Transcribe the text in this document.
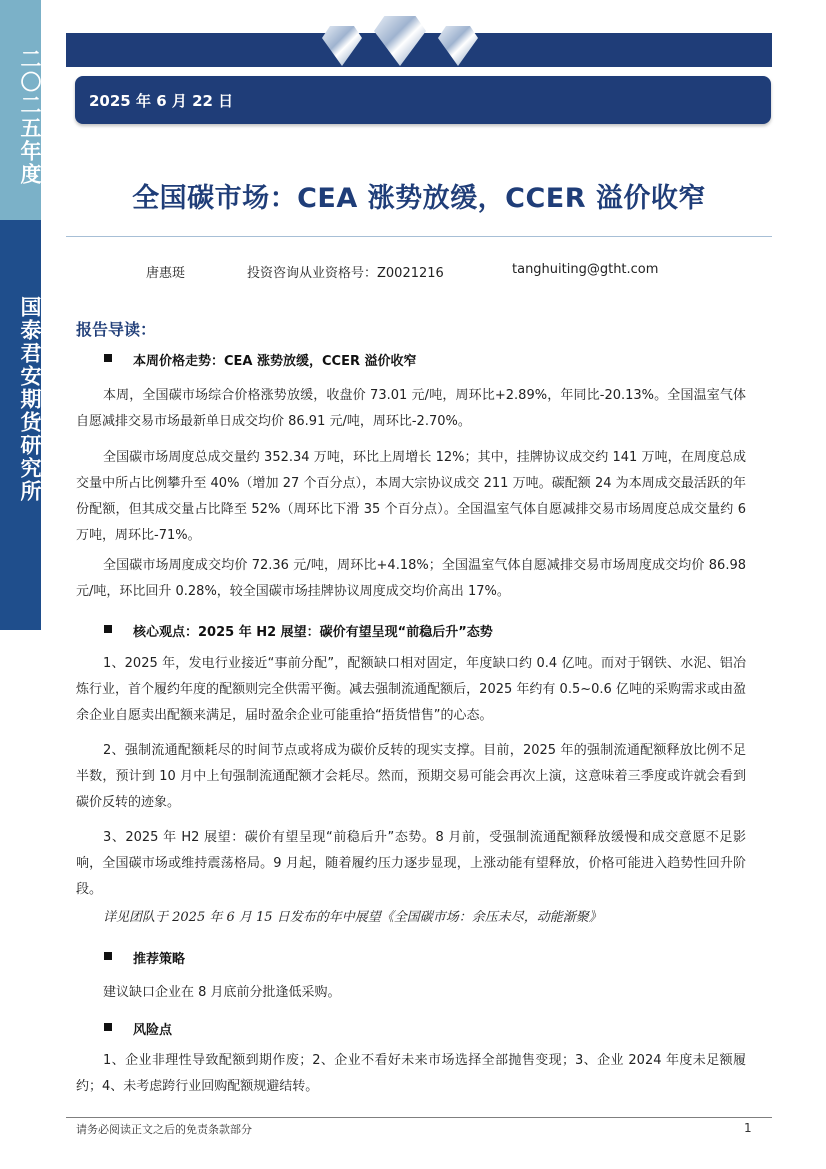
二〇二五年度
国泰君安期货研究所
2025 年 6 月 22 日
全国碳市场：CEA 涨势放缓，CCER 溢价收窄
唐惠珽	投资咨询从业资格号：Z0021216	tanghuiting@gtht.com
报告导读：
本周价格走势：CEA 涨势放缓，CCER 溢价收窄

本周，全国碳市场综合价格涨势放缓，收盘价 73.01 元/吨，周环比+2.89%，年同比-20.13%。全国温室气体自愿减排交易市场最新单日成交均价 86.91 元/吨，周环比-2.70%。

全国碳市场周度总成交量约 352.34 万吨，环比上周增长 12%；其中，挂牌协议成交约 141 万吨，在周度总成交量中所占比例攀升至 40%（增加 27 个百分点），本周大宗协议成交 211 万吨。碳配额 24 为本周成交最活跃的年份配额，但其成交量占比降至 52%（周环比下滑 35 个百分点）。全国温室气体自愿减排交易市场周度总成交量约 6 万吨，周环比-71%。

全国碳市场周度成交均价 72.36 元/吨，周环比+4.18%；全国温室气体自愿减排交易市场周度成交均价 86.98 元/吨，环比回升 0.28%，较全国碳市场挂牌协议周度成交均价高出 17%。

核心观点：2025 年 H2 展望：碳价有望呈现“前稳后升”态势

1、2025 年，发电行业接近“事前分配”，配额缺口相对固定，年度缺口约 0.4 亿吨。而对于钢铁、水泥、铝冶炼行业，首个履约年度的配额则完全供需平衡。减去强制流通配额后，2025 年约有 0.5~0.6 亿吨的采购需求或由盈余企业自愿卖出配额来满足，届时盈余企业可能重拾“捂货惜售”的心态。

2、强制流通配额耗尽的时间节点或将成为碳价反转的现实支撑。目前，2025 年的强制流通配额释放比例不足半数，预计到 10 月中上旬强制流通配额才会耗尽。然而，预期交易可能会再次上演，这意味着三季度或许就会看到碳价反转的迹象。

3、2025 年 H2 展望：碳价有望呈现“前稳后升”态势。8 月前，受强制流通配额释放缓慢和成交意愿不足影响，全国碳市场或维持震荡格局。9 月起，随着履约压力逐步显现，上涨动能有望释放，价格可能进入趋势性回升阶段。

详见团队于 2025 年 6 月 15 日发布的年中展望《全国碳市场：余压未尽，动能渐聚》

推荐策略

建议缺口企业在 8 月底前分批逢低采购。

风险点

1、企业非理性导致配额到期作废；2、企业不看好未来市场选择全部抛售变现；3、企业 2024 年度未足额履约；4、未考虑跨行业回购配额规避结转。

请务必阅读正文之后的免责条款部分	1
